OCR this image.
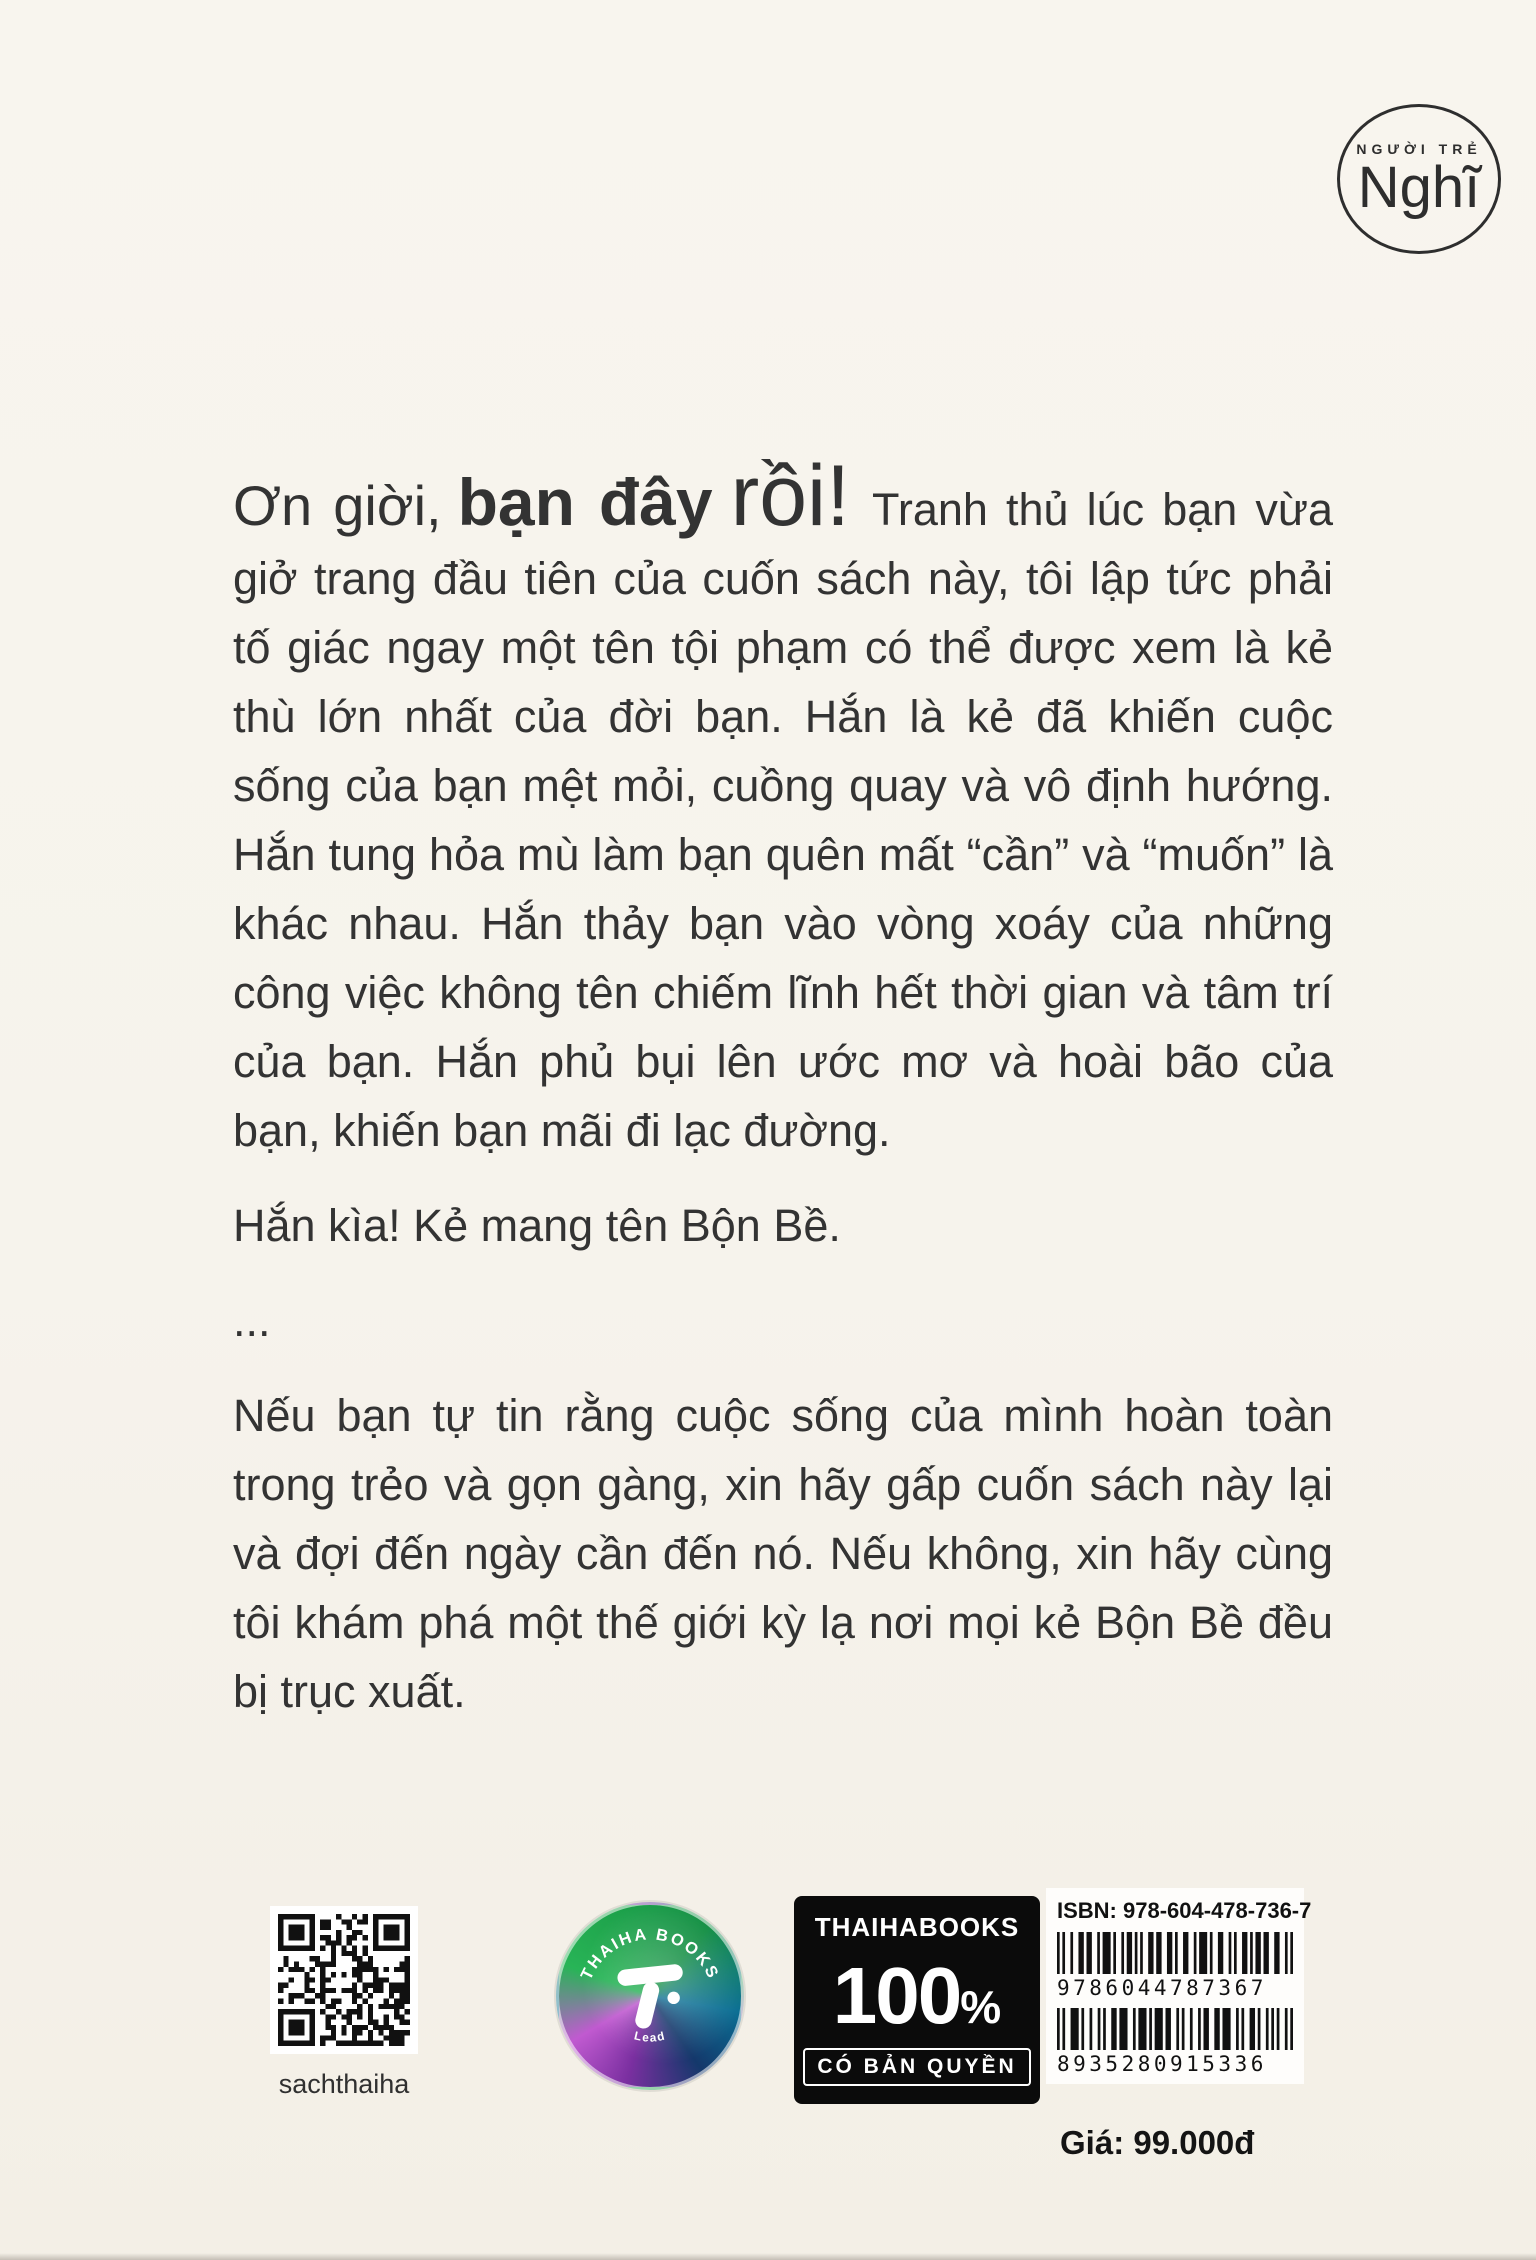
NGƯỜI TRẺ
Nghĩ

Ơn giời, bạn đây rồi! Tranh thủ lúc bạn vừa giở trang đầu tiên của cuốn sách này, tôi lập tức phải tố giác ngay một tên tội phạm có thể được xem là kẻ thù lớn nhất của đời bạn. Hắn là kẻ đã khiến cuộc sống của bạn mệt mỏi, cuồng quay và vô định hướng. Hắn tung hỏa mù làm bạn quên mất “cần” và “muốn” là khác nhau. Hắn thảy bạn vào vòng xoáy của những công việc không tên chiếm lĩnh hết thời gian và tâm trí của bạn. Hắn phủ bụi lên ước mơ và hoài bão của bạn, khiến bạn mãi đi lạc đường.

Hắn kìa! Kẻ mang tên Bộn Bề.

...

Nếu bạn tự tin rằng cuộc sống của mình hoàn toàn trong trẻo và gọn gàng, xin hãy gấp cuốn sách này lại và đợi đến ngày cần đến nó. Nếu không, xin hãy cùng tôi khám phá một thế giới kỳ lạ nơi mọi kẻ Bộn Bề đều bị trục xuất.

sachthaiha
THAIHA BOOKS
Lead
THAIHABOOKS
100%
CÓ BẢN QUYỀN
ISBN: 978-604-478-736-7
9786044787367
8935280915336
Giá: 99.000đ
